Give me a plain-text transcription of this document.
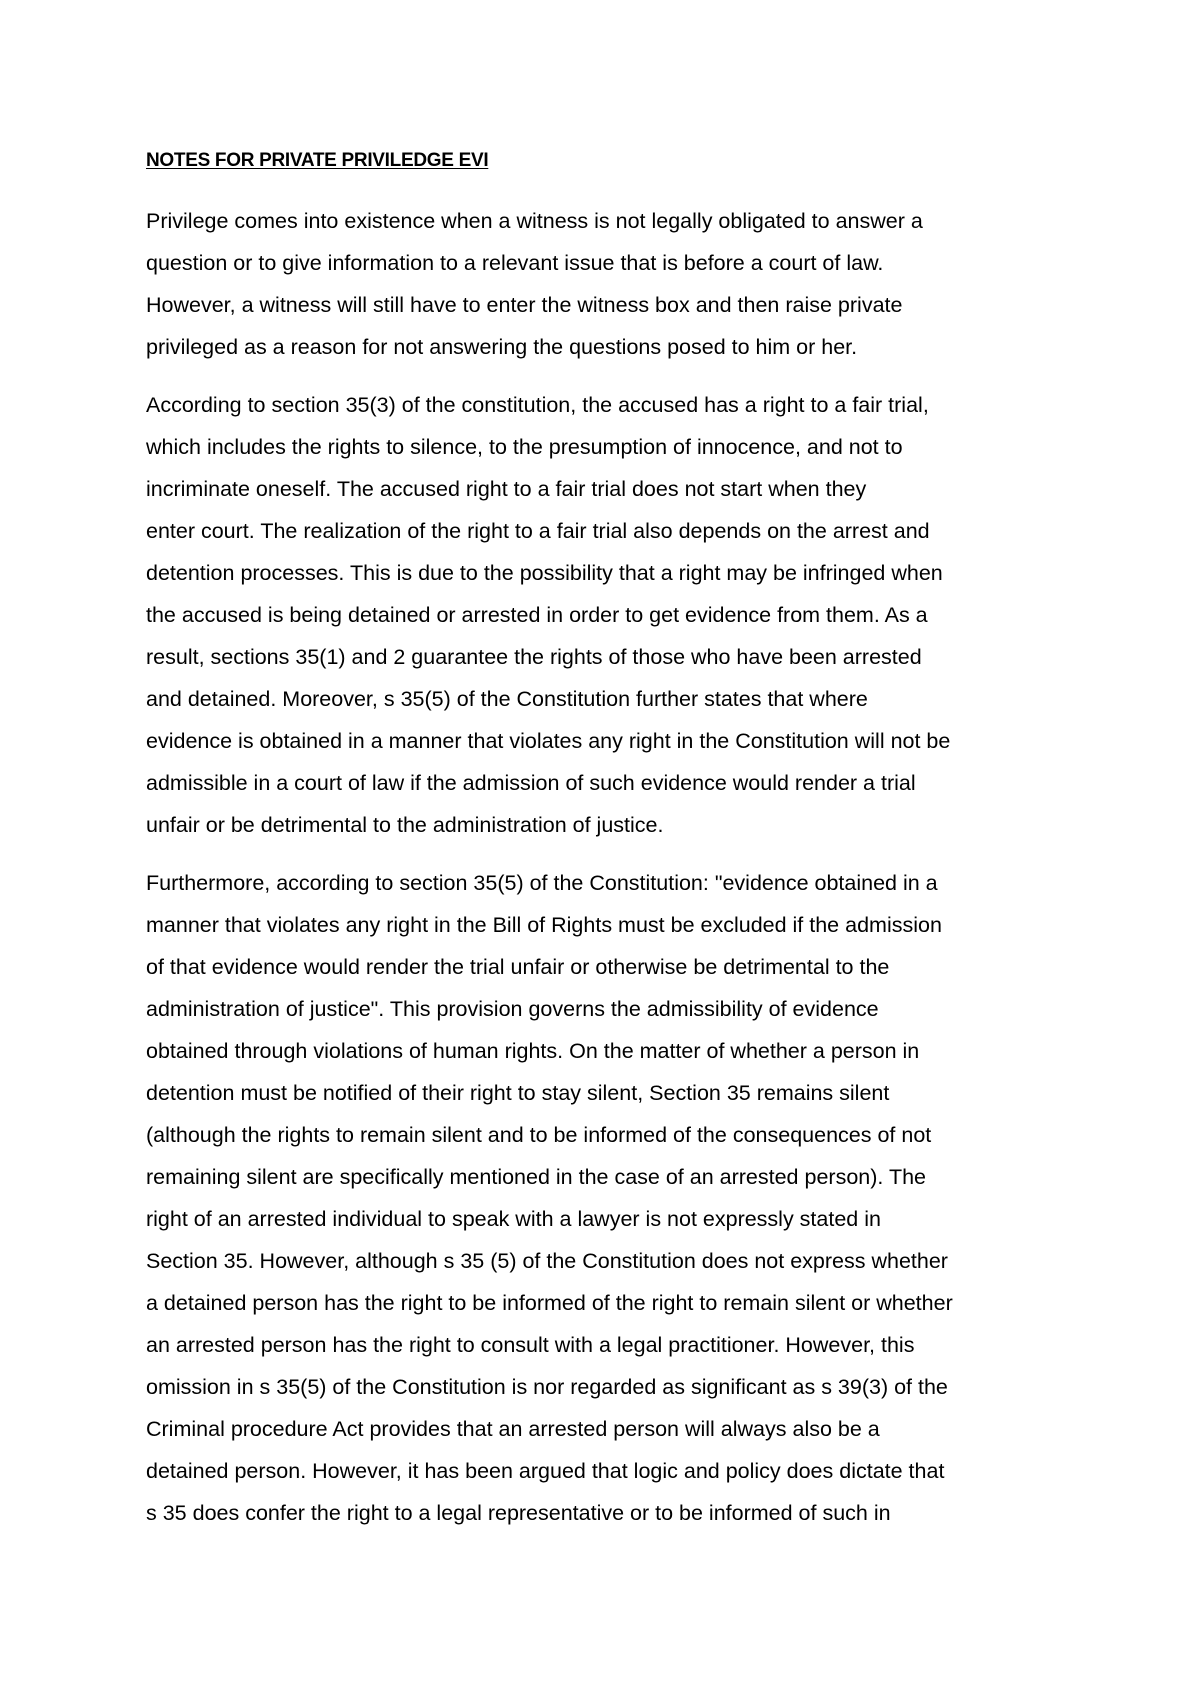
NOTES FOR PRIVATE PRIVILEDGE EVI

Privilege comes into existence when a witness is not legally obligated to answer a
question or to give information to a relevant issue that is before a court of law.
However, a witness will still have to enter the witness box and then raise private
privileged as a reason for not answering the questions posed to him or her.

According to section 35(3) of the constitution, the accused has a right to a fair trial,
which includes the rights to silence, to the presumption of innocence, and not to
incriminate oneself. The accused right to a fair trial does not start when they
enter court. The realization of the right to a fair trial also depends on the arrest and
detention processes. This is due to the possibility that a right may be infringed when
the accused is being detained or arrested in order to get evidence from them. As a
result, sections 35(1) and 2 guarantee the rights of those who have been arrested
and detained. Moreover, s 35(5) of the Constitution further states that where
evidence is obtained in a manner that violates any right in the Constitution will not be
admissible in a court of law if the admission of such evidence would render a trial
unfair or be detrimental to the administration of justice.

Furthermore, according to section 35(5) of the Constitution: "evidence obtained in a
manner that violates any right in the Bill of Rights must be excluded if the admission
of that evidence would render the trial unfair or otherwise be detrimental to the
administration of justice". This provision governs the admissibility of evidence
obtained through violations of human rights. On the matter of whether a person in
detention must be notified of their right to stay silent, Section 35 remains silent
(although the rights to remain silent and to be informed of the consequences of not
remaining silent are specifically mentioned in the case of an arrested person). The
right of an arrested individual to speak with a lawyer is not expressly stated in
Section 35. However, although s 35 (5) of the Constitution does not express whether
a detained person has the right to be informed of the right to remain silent or whether
an arrested person has the right to consult with a legal practitioner. However, this
omission in s 35(5) of the Constitution is nor regarded as significant as s 39(3) of the
Criminal procedure Act provides that an arrested person will always also be a
detained person. However, it has been argued that logic and policy does dictate that
s 35 does confer the right to a legal representative or to be informed of such in
